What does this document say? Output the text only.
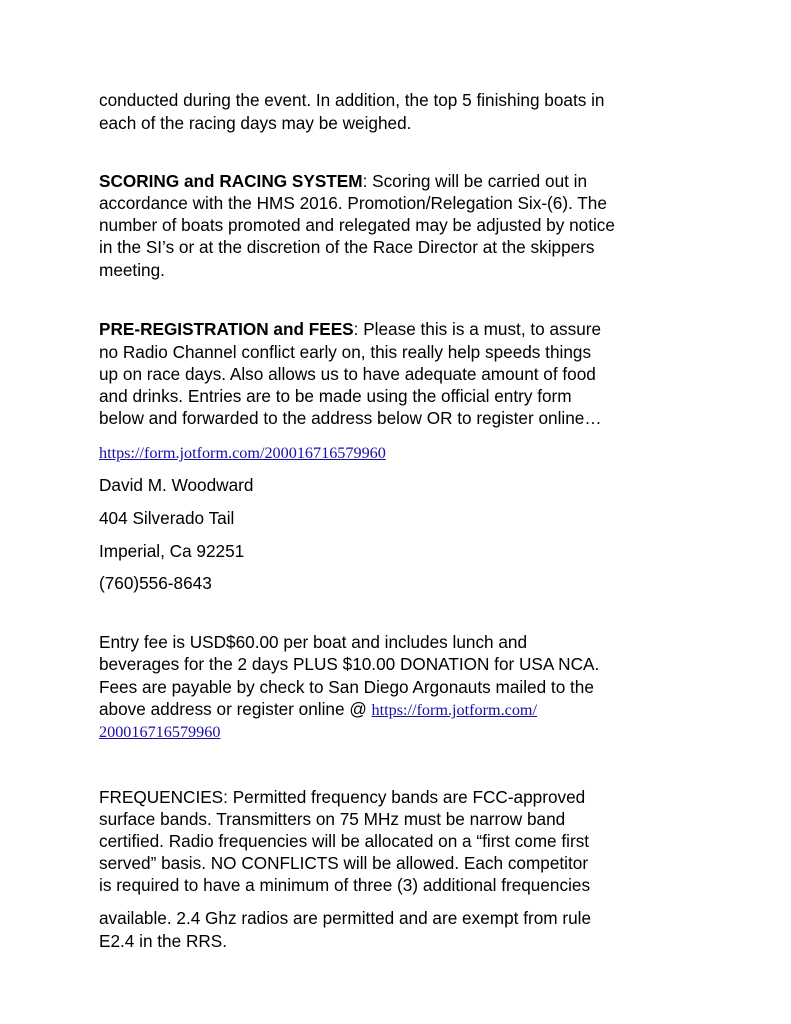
conducted during the event. In addition, the top 5 finishing boats in
each of the racing days may be weighed.
SCORING and RACING SYSTEM: Scoring will be carried out in
accordance with the HMS 2016. Promotion/Relegation Six-(6). The
number of boats promoted and relegated may be adjusted by notice
in the SI’s or at the discretion of the Race Director at the skippers
meeting.
PRE-REGISTRATION and FEES: Please this is a must, to assure
no Radio Channel conflict early on, this really help speeds things
up on race days. Also allows us to have adequate amount of food
and drinks. Entries are to be made using the official entry form
below and forwarded to the address below OR to register online…
https://form.jotform.com/200016716579960
David M. Woodward
404 Silverado Tail
Imperial, Ca 92251
(760)556-8643
Entry fee is USD$60.00 per boat and includes lunch and
beverages for the 2 days PLUS $10.00 DONATION for USA NCA.
Fees are payable by check to San Diego Argonauts mailed to the
above address or register online @ https://form.jotform.com/
200016716579960
FREQUENCIES: Permitted frequency bands are FCC-approved
surface bands. Transmitters on 75 MHz must be narrow band
certified. Radio frequencies will be allocated on a “first come first
served” basis. NO CONFLICTS will be allowed. Each competitor
is required to have a minimum of three (3) additional frequencies
available. 2.4 Ghz radios are permitted and are exempt from rule
E2.4 in the RRS.
